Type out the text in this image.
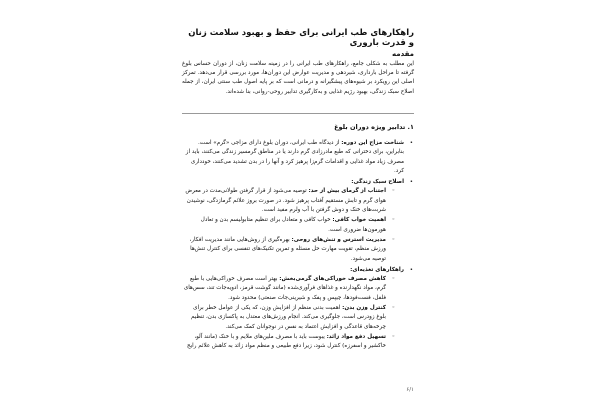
راهکارهای طب ایرانی برای حفظ و بهبود سلامت زنان و قدرت باروری
مقدمه

این مطلب به شکلی جامع، راهکارهای طب ایرانی را در زمینه سلامت زنان، از دوران حساس بلوغ گرفته تا مراحل بارداری، شیردهی و مدیریت عوارض این دوران‌ها، مورد بررسی قرار می‌دهد. تمرکز اصلی این رویکرد بر شیوه‌های پیشگیرانه و درمانی است که بر پایه اصول طب سنتی ایران، از جمله اصلاح سبک زندگی، بهبود رژیم غذایی و به‌کارگیری تدابیر روحی-روانی، بنا شده‌اند.

۱. تدابیر ویژه دوران بلوغ
• شناخت مزاج این دوره: از دیدگاه طب ایرانی، دوران بلوغ دارای مزاجی «گرم» است. بنابراین، برای دخترانی که طبع مادرزادی گرم دارند یا در مناطق گرمسیر زندگی می‌کنند، باید از مصرف زیاد مواد غذایی و اقدامات گرم‌زا پرهیز کرد و آنها را در بدن تشدید می‌کنند، خودداری کرد.
• اصلاح سبک زندگی:
◦ اجتناب از گرمای بیش از حد: توصیه می‌شود از قرار گرفتن طولانی‌مدت در معرض هوای گرم و تابش مستقیم آفتاب پرهیز شود. در صورت بروز علائم گرمازدگی، نوشیدن شربت‌های خنک و دوش گرفتن با آب ولرم مفید است.
◦ اهمیت خواب کافی: خواب کافی و متعادل برای تنظیم متابولیسم بدن و تعادل هورمون‌ها ضروری است.
◦ مدیریت استرس و تنش‌های روحی: بهره‌گیری از روش‌هایی مانند مدیریت افکار، ورزش منظم، تقویت مهارت حل مسئله و تمرین تکنیک‌های تنفسی برای کنترل تنش‌ها توصیه می‌شود.
• راهکارهای تغذیه‌ای:
◦ کاهش مصرف خوراکی‌های گرمی‌بخش: بهتر است مصرف خوراکی‌هایی با طبع گرم، مواد نگهدارنده و غذاهای فرآوری‌شده (مانند گوشت قرمز، ادویه‌جات تند، سس‌های فلفل، فست‌فودها، چیپس و پفک و شیرینی‌جات صنعتی) محدود شود.
◦ کنترل وزن بدن: اهمیت بدنی منظم از افزایش وزن، که یکی از عوامل خطر برای بلوغ زودرس است، جلوگیری می‌کند. انجام ورزش‌های معتدل به پاکسازی بدن، تنظیم چرخه‌های قاعدگی و افزایش اعتماد به نفس در نوجوانان کمک می‌کند.
◦ تسهیل دفع مواد زائد: یبوست باید با مصرف ملین‌های ملایم و با خنک (مانند آلو، خاکشیر و اسفرزه) کنترل شود، زیرا دفع طبیعی و منظم مواد زائد به کاهش علائم رایج
۶/۱
